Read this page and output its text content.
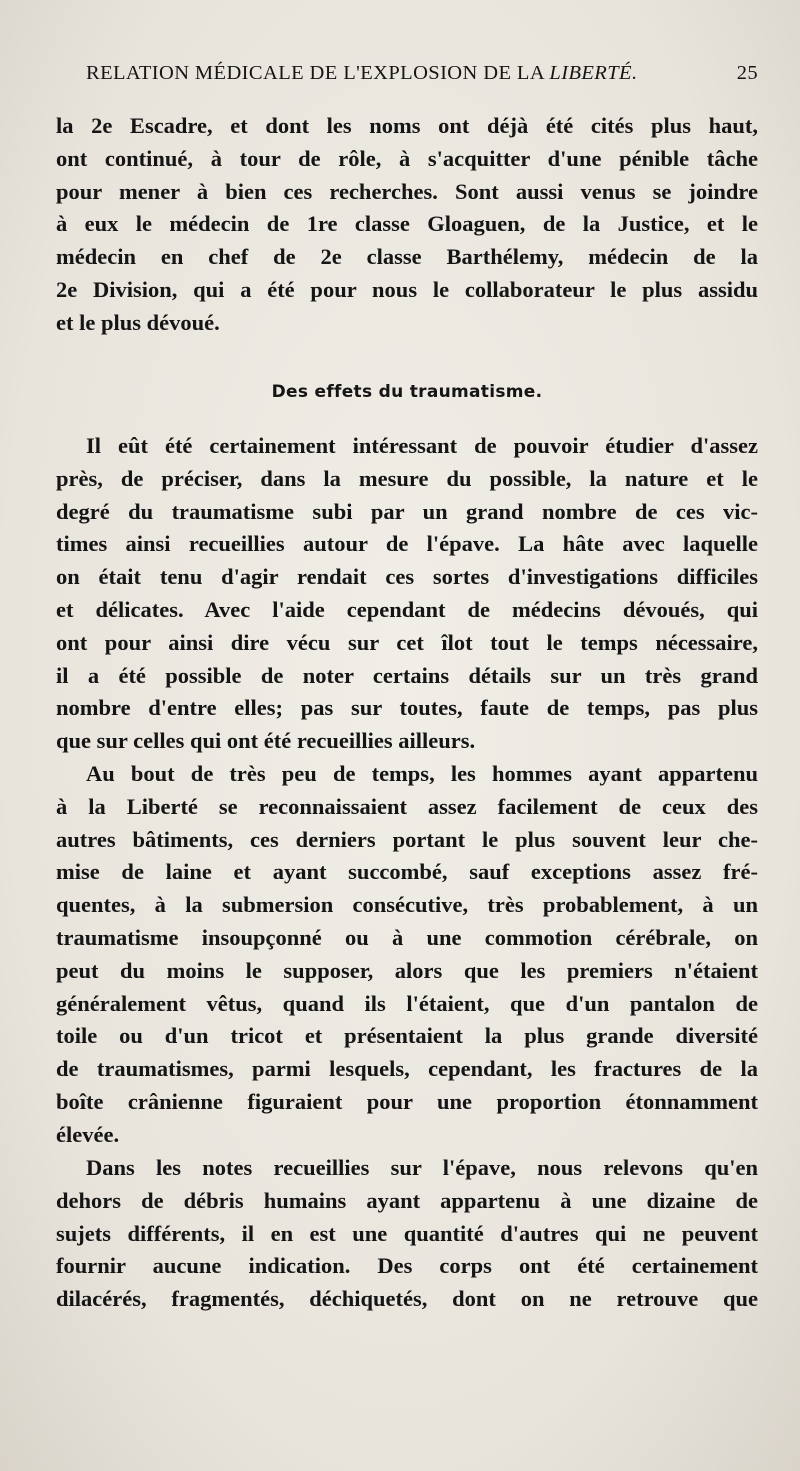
RELATION MÉDICALE DE L'EXPLOSION DE LA LIBERTÉ.	25
la 2e Escadre, et dont les noms ont déjà été cités plus haut,
ont continué, à tour de rôle, à s'acquitter d'une pénible tâche
pour mener à bien ces recherches. Sont aussi venus se joindre
à eux le médecin de 1re classe Gloaguen, de la Justice, et le
médecin en chef de 2e classe Barthélemy, médecin de la
2e Division, qui a été pour nous le collaborateur le plus assidu
et le plus dévoué.
Des effets du traumatisme.
Il eût été certainement intéressant de pouvoir étudier d'assez
près, de préciser, dans la mesure du possible, la nature et le
degré du traumatisme subi par un grand nombre de ces vic-
times ainsi recueillies autour de l'épave. La hâte avec laquelle
on était tenu d'agir rendait ces sortes d'investigations difficiles
et délicates. Avec l'aide cependant de médecins dévoués, qui
ont pour ainsi dire vécu sur cet îlot tout le temps nécessaire,
il a été possible de noter certains détails sur un très grand
nombre d'entre elles; pas sur toutes, faute de temps, pas plus
que sur celles qui ont été recueillies ailleurs.
Au bout de très peu de temps, les hommes ayant appartenu
à la Liberté se reconnaissaient assez facilement de ceux des
autres bâtiments, ces derniers portant le plus souvent leur che-
mise de laine et ayant succombé, sauf exceptions assez fré-
quentes, à la submersion consécutive, très probablement, à un
traumatisme insoupçonné ou à une commotion cérébrale, on
peut du moins le supposer, alors que les premiers n'étaient
généralement vêtus, quand ils l'étaient, que d'un pantalon de
toile ou d'un tricot et présentaient la plus grande diversité
de traumatismes, parmi lesquels, cependant, les fractures de la
boîte crânienne figuraient pour une proportion étonnamment
élevée.
Dans les notes recueillies sur l'épave, nous relevons qu'en
dehors de débris humains ayant appartenu à une dizaine de
sujets différents, il en est une quantité d'autres qui ne peuvent
fournir aucune indication. Des corps ont été certainement
dilacérés, fragmentés, déchiquetés, dont on ne retrouve que
